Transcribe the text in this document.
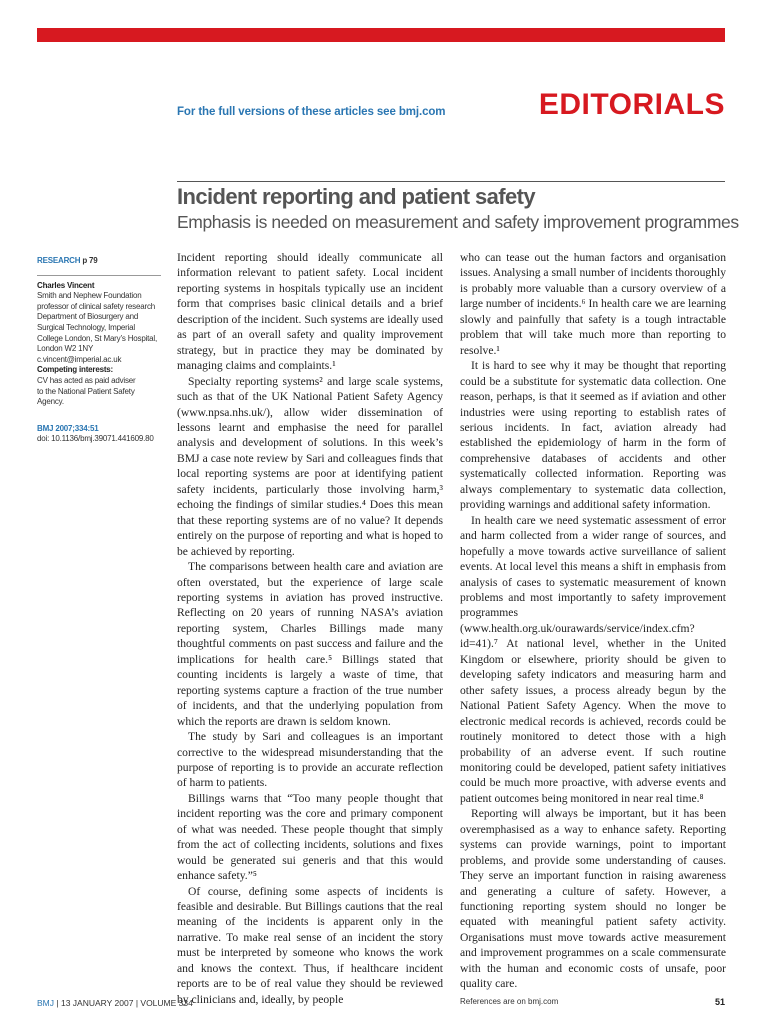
For the full versions of these articles see bmj.com	EDITORIALS
Incident reporting and patient safety
Emphasis is needed on measurement and safety improvement programmes
RESEARCH p 79
Charles Vincent
Smith and Nephew Foundation
professor of clinical safety research
Department of Biosurgery and
Surgical Technology, Imperial
College London, St Mary’s Hospital,
London W2 1NY
c.vincent@imperial.ac.uk
Competing interests:
CV has acted as paid adviser
to the National Patient Safety
Agency.
BMJ 2007;334:51
doi: 10.1136/bmj.39071.441609.80

Incident reporting should ideally communicate all information relevant to patient safety. Local incident reporting systems in hospitals typically use an incident form that comprises basic clinical details and a brief description of the incident. Such systems are ideally used as part of an overall safety and quality improvement strategy, but in practice they may be dominated by managing claims and complaints.¹

Specialty reporting systems² and large scale systems, such as that of the UK National Patient Safety Agency (www.npsa.nhs.uk/), allow wider dissemination of lessons learnt and emphasise the need for parallel analysis and development of solutions. In this week’s BMJ a case note review by Sari and colleagues finds that local reporting systems are poor at identifying patient safety incidents, particularly those involving harm,³ echoing the findings of similar studies.⁴ Does this mean that these reporting systems are of no value? It depends entirely on the purpose of reporting and what is hoped to be achieved by reporting.

The comparisons between health care and aviation are often overstated, but the experience of large scale reporting systems in aviation has proved instructive. Reflecting on 20 years of running NASA’s aviation reporting system, Charles Billings made many thoughtful comments on past success and failure and the implications for health care.⁵ Billings stated that counting incidents is largely a waste of time, that reporting systems capture a fraction of the true number of incidents, and that the underlying population from which the reports are drawn is seldom known.

The study by Sari and colleagues is an important corrective to the widespread misunderstanding that the purpose of reporting is to provide an accurate reflection of harm to patients.

Billings warns that “Too many people thought that incident reporting was the core and primary component of what was needed. These people thought that simply from the act of collecting incidents, solutions and fixes would be generated sui generis and that this would enhance safety.”⁵

Of course, defining some aspects of incidents is feasible and desirable. But Billings cautions that the real meaning of the incidents is apparent only in the narrative. To make real sense of an incident the story must be interpreted by someone who knows the work and knows the context. Thus, if healthcare incident reports are to be of real value they should be reviewed by clinicians and, ideally, by people

who can tease out the human factors and organisation issues. Analysing a small number of incidents thoroughly is probably more valuable than a cursory overview of a large number of incidents.⁶ In health care we are learning slowly and painfully that safety is a tough intractable problem that will take much more than reporting to resolve.¹

It is hard to see why it may be thought that reporting could be a substitute for systematic data collection. One reason, perhaps, is that it seemed as if aviation and other industries were using reporting to establish rates of serious incidents. In fact, aviation already had established the epidemiology of harm in the form of comprehensive databases of accidents and other systematically collected information. Reporting was always complementary to systematic data collection, providing warnings and additional safety information.

In health care we need systematic assessment of error and harm collected from a wider range of sources, and hopefully a move towards active surveillance of salient events. At local level this means a shift in emphasis from analysis of cases to systematic measurement of known problems and most importantly to safety improvement programmes (www.health.org.uk/ourawards/service/index.cfm?id=41).⁷ At national level, whether in the United Kingdom or elsewhere, priority should be given to developing safety indicators and measuring harm and other safety issues, a process already begun by the National Patient Safety Agency. When the move to electronic medical records is achieved, records could be routinely monitored to detect those with a high probability of an adverse event. If such routine monitoring could be developed, patient safety initiatives could be much more proactive, with adverse events and patient outcomes being monitored in near real time.⁸

Reporting will always be important, but it has been overemphasised as a way to enhance safety. Reporting systems can provide warnings, point to important problems, and provide some understanding of causes. They serve an important function in raising awareness and generating a culture of safety. However, a functioning reporting system should no longer be equated with meaningful patient safety activity. Organisations must move towards active measurement and improvement programmes on a scale commensurate with the human and economic costs of unsafe, poor quality care.

References are on bmj.com
BMJ | 13 JANUARY 2007 | VOLUME 334	51
